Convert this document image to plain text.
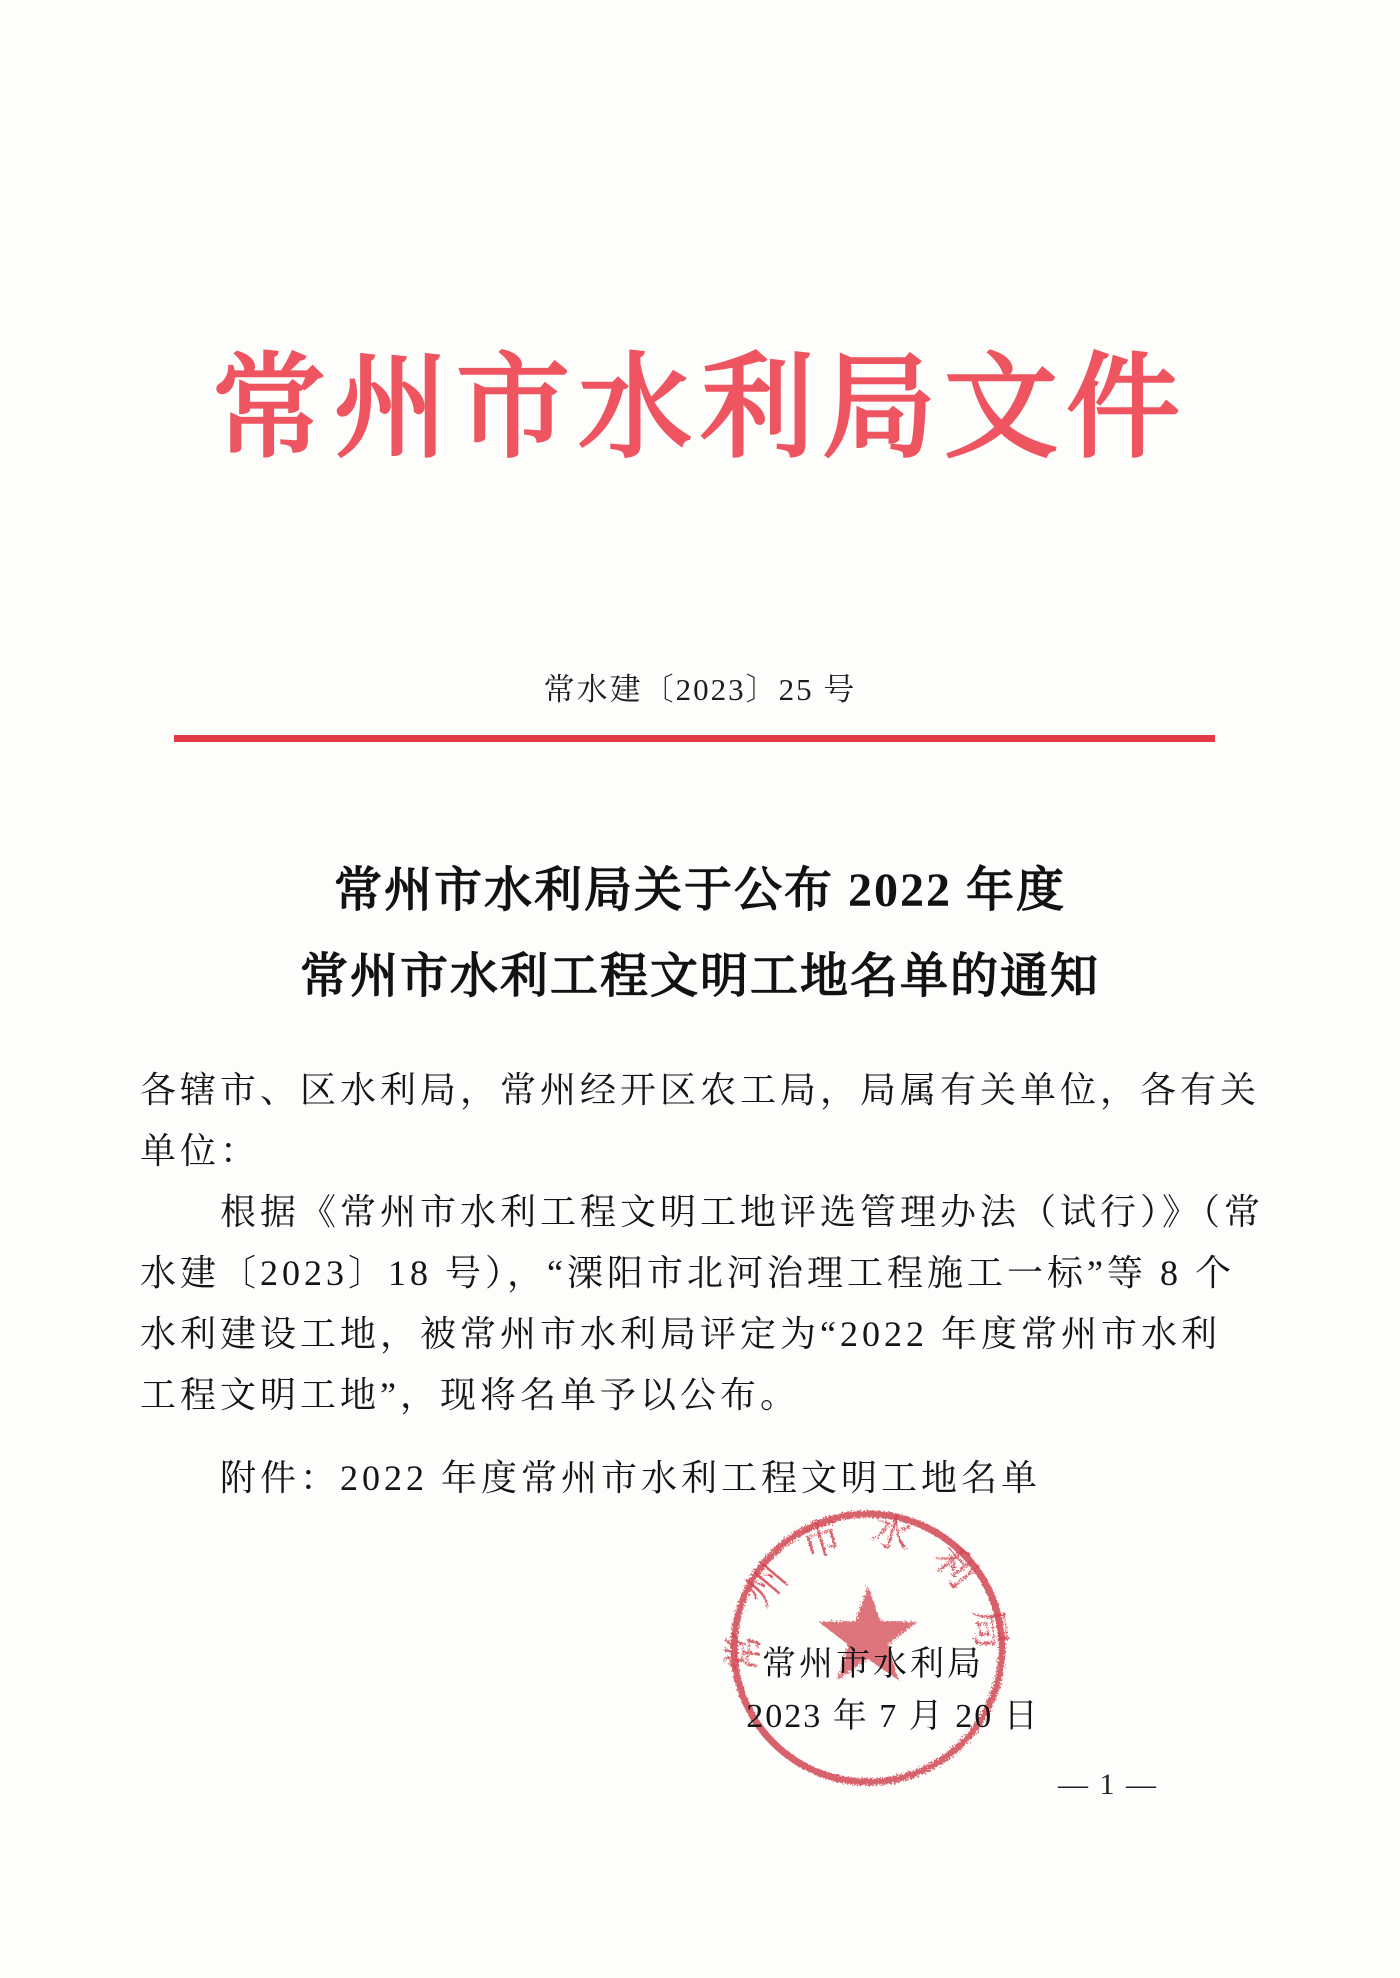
常州市水利局文件
常水建〔2023〕25 号
常州市水利局关于公布 2022 年度
常州市水利工程文明工地名单的通知
各辖市、区水利局，常州经开区农工局，局属有关单位，各有关
单位：
　　根据《常州市水利工程文明工地评选管理办法（试行）》（常
水建〔2023〕18 号），“溧阳市北河治理工程施工一标”等 8 个
水利建设工地，被常州市水利局评定为“2022 年度常州市水利
工程文明工地”，现将名单予以公布。
　　附件：2022 年度常州市水利工程文明工地名单
常州市水利局
常州市水利局
2023 年 7 月 20 日
— 1 —
